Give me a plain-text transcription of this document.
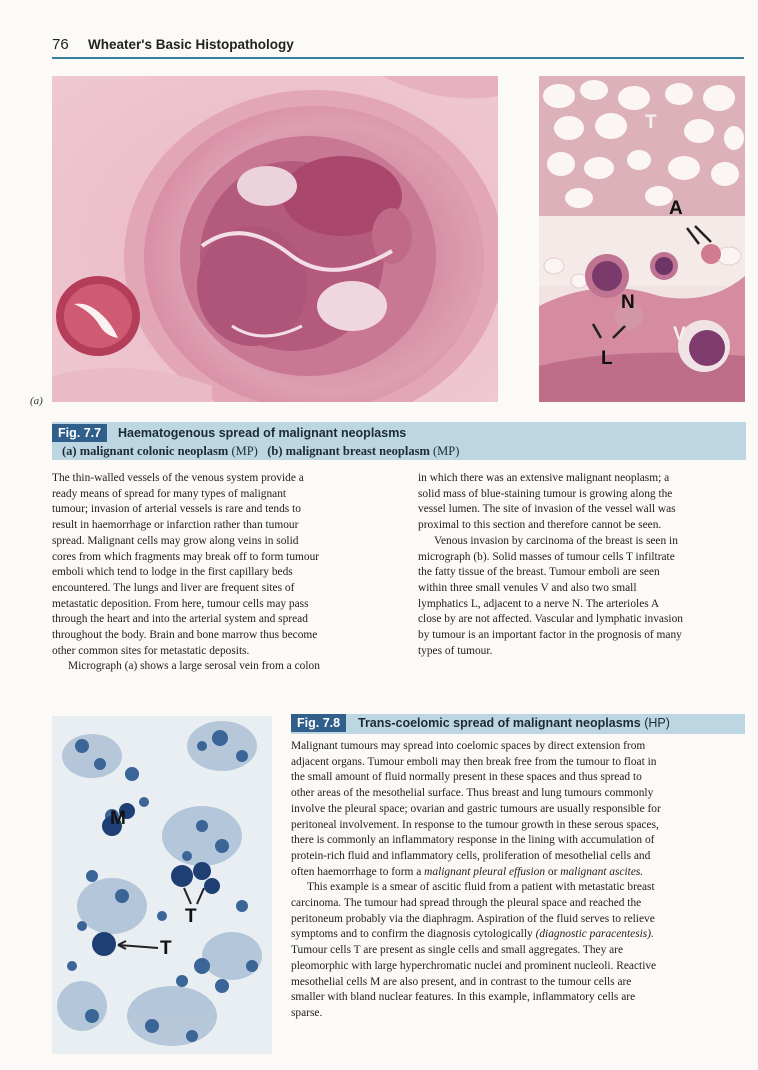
76 Wheater's Basic Histopathology
(a)
T
A
N
V
L
Fig. 7.7	Haematogenous spread of malignant neoplasms
(a) malignant colonic neoplasm (MP) (b) malignant breast neoplasm (MP)

The thin-walled vessels of the venous system provide a

ready means of spread for many types of malignant

tumour; invasion of arterial vessels is rare and tends to

result in haemorrhage or infarction rather than tumour

spread. Malignant cells may grow along veins in solid

cores from which fragments may break off to form tumour

emboli which tend to lodge in the first capillary beds

encountered. The lungs and liver are frequent sites of

metastatic deposition. From here, tumour cells may pass

through the heart and into the arterial system and spread

throughout the body. Brain and bone marrow thus become

other common sites for metastatic deposits.

Micrograph (a) shows a large serosal vein from a colon

in which there was an extensive malignant neoplasm; a

solid mass of blue-staining tumour is growing along the

vessel lumen. The site of invasion of the vessel wall was

proximal to this section and therefore cannot be seen.

Venous invasion by carcinoma of the breast is seen in

micrograph (b). Solid masses of tumour cells T infiltrate

the fatty tissue of the breast. Tumour emboli are seen

within three small venules V and also two small

lymphatics L, adjacent to a nerve N. The arterioles A

close by are not affected. Vascular and lymphatic invasion

by tumour is an important factor in the prognosis of many

types of tumour.

M
T
T
Fig. 7.8	Trans-coelomic spread of malignant neoplasms (HP)

Malignant tumours may spread into coelomic spaces by direct extension from

adjacent organs. Tumour emboli may then break free from the tumour to float in

the small amount of fluid normally present in these spaces and thus spread to

other areas of the mesothelial surface. Thus breast and lung tumours commonly

involve the pleural space; ovarian and gastric tumours are usually responsible for

peritoneal involvement. In response to the tumour growth in these serous spaces,

there is commonly an inflammatory response in the lining with accumulation of

protein-rich fluid and inflammatory cells, proliferation of mesothelial cells and

often haemorrhage to form a malignant pleural effusion or malignant ascites.

This example is a smear of ascitic fluid from a patient with metastatic breast

carcinoma. The tumour had spread through the pleural space and reached the

peritoneum probably via the diaphragm. Aspiration of the fluid serves to relieve

symptoms and to confirm the diagnosis cytologically (diagnostic paracentesis).

Tumour cells T are present as single cells and small aggregates. They are

pleomorphic with large hyperchromatic nuclei and prominent nucleoli. Reactive

mesothelial cells M are also present, and in contrast to the tumour cells are

smaller with bland nuclear features. In this example, inflammatory cells are

sparse.
